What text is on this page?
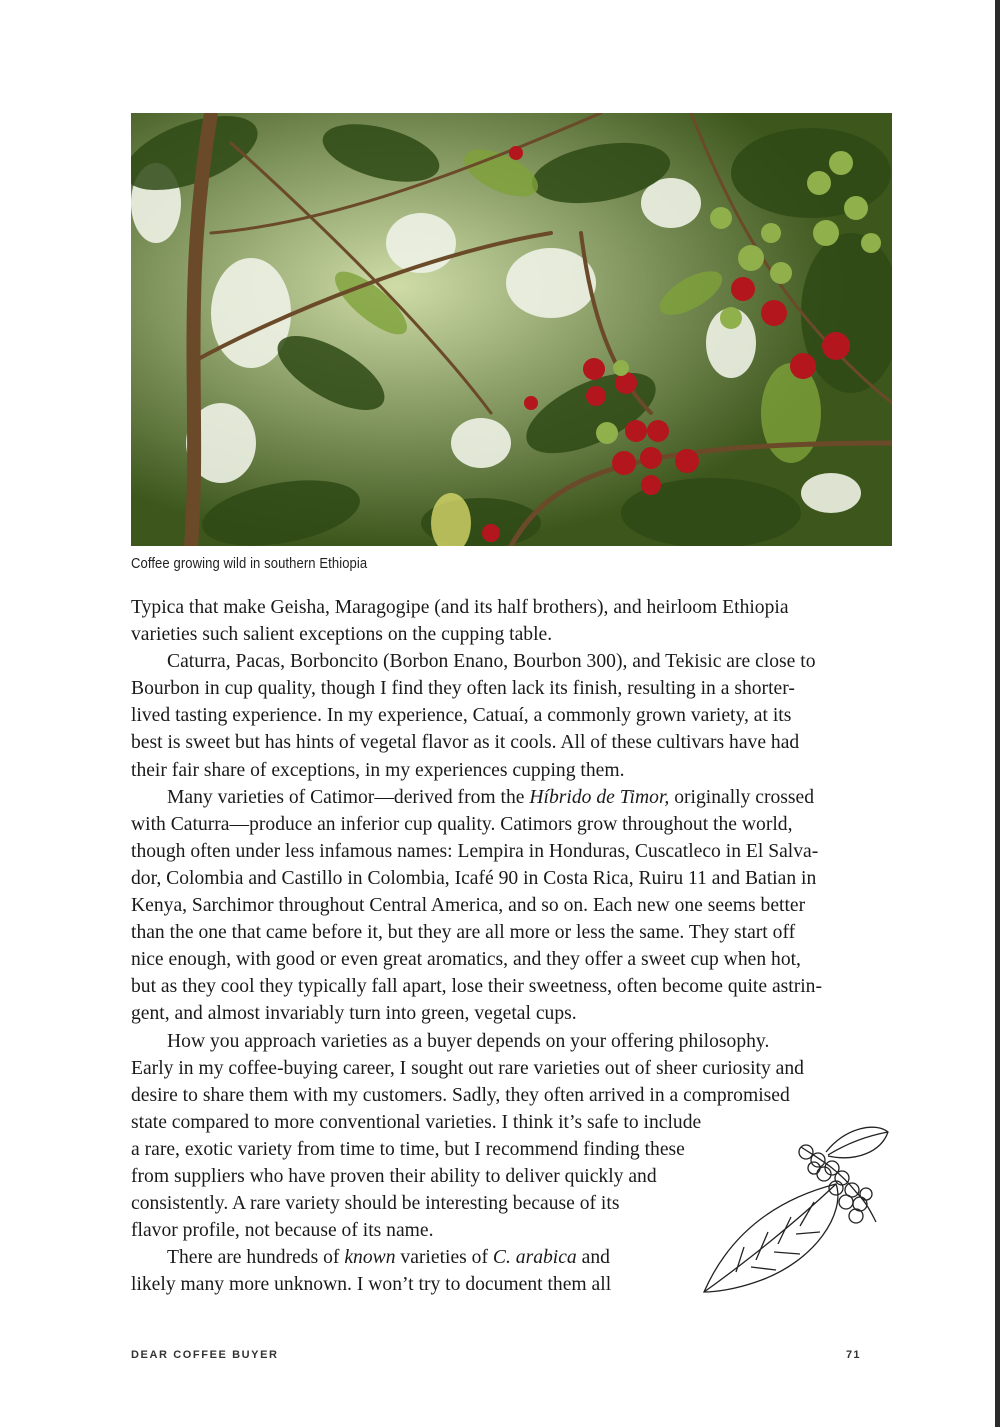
Coffee growing wild in southern Ethiopia

Typica that make Geisha, Maragogipe (and its half brothers), and heirloom Ethiopia
varieties such salient exceptions on the cupping table.

Caturra, Pacas, Borboncito (Borbon Enano, Bourbon 300), and Tekisic are close to
Bourbon in cup quality, though I find they often lack its finish, resulting in a shorter-
lived tasting experience. In my experience, Catuaí, a commonly grown variety, at its
best is sweet but has hints of vegetal flavor as it cools. All of these cultivars have had
their fair share of exceptions, in my experiences cupping them.

Many varieties of Catimor—derived from the Híbrido de Timor, originally crossed
with Caturra—produce an inferior cup quality. Catimors grow throughout the world,
though often under less infamous names: Lempira in Honduras, Cuscatleco in El Salva-
dor, Colombia and Castillo in Colombia, Icafé 90 in Costa Rica, Ruiru 11 and Batian in
Kenya, Sarchimor throughout Central America, and so on. Each new one seems better
than the one that came before it, but they are all more or less the same. They start off
nice enough, with good or even great aromatics, and they offer a sweet cup when hot,
but as they cool they typically fall apart, lose their sweetness, often become quite astrin-
gent, and almost invariably turn into green, vegetal cups.

How you approach varieties as a buyer depends on your offering philosophy.
Early in my coffee-buying career, I sought out rare varieties out of sheer curiosity and
desire to share them with my customers. Sadly, they often arrived in a compromised
state compared to more conventional varieties. I think it’s safe to include
a rare, exotic variety from time to time, but I recommend finding these
from suppliers who have proven their ability to deliver quickly and
consistently. A rare variety should be interesting because of its
flavor profile, not because of its name.

There are hundreds of known varieties of C. arabica and
likely many more unknown. I won’t try to document them all

DEAR COFFEE BUYER	71
